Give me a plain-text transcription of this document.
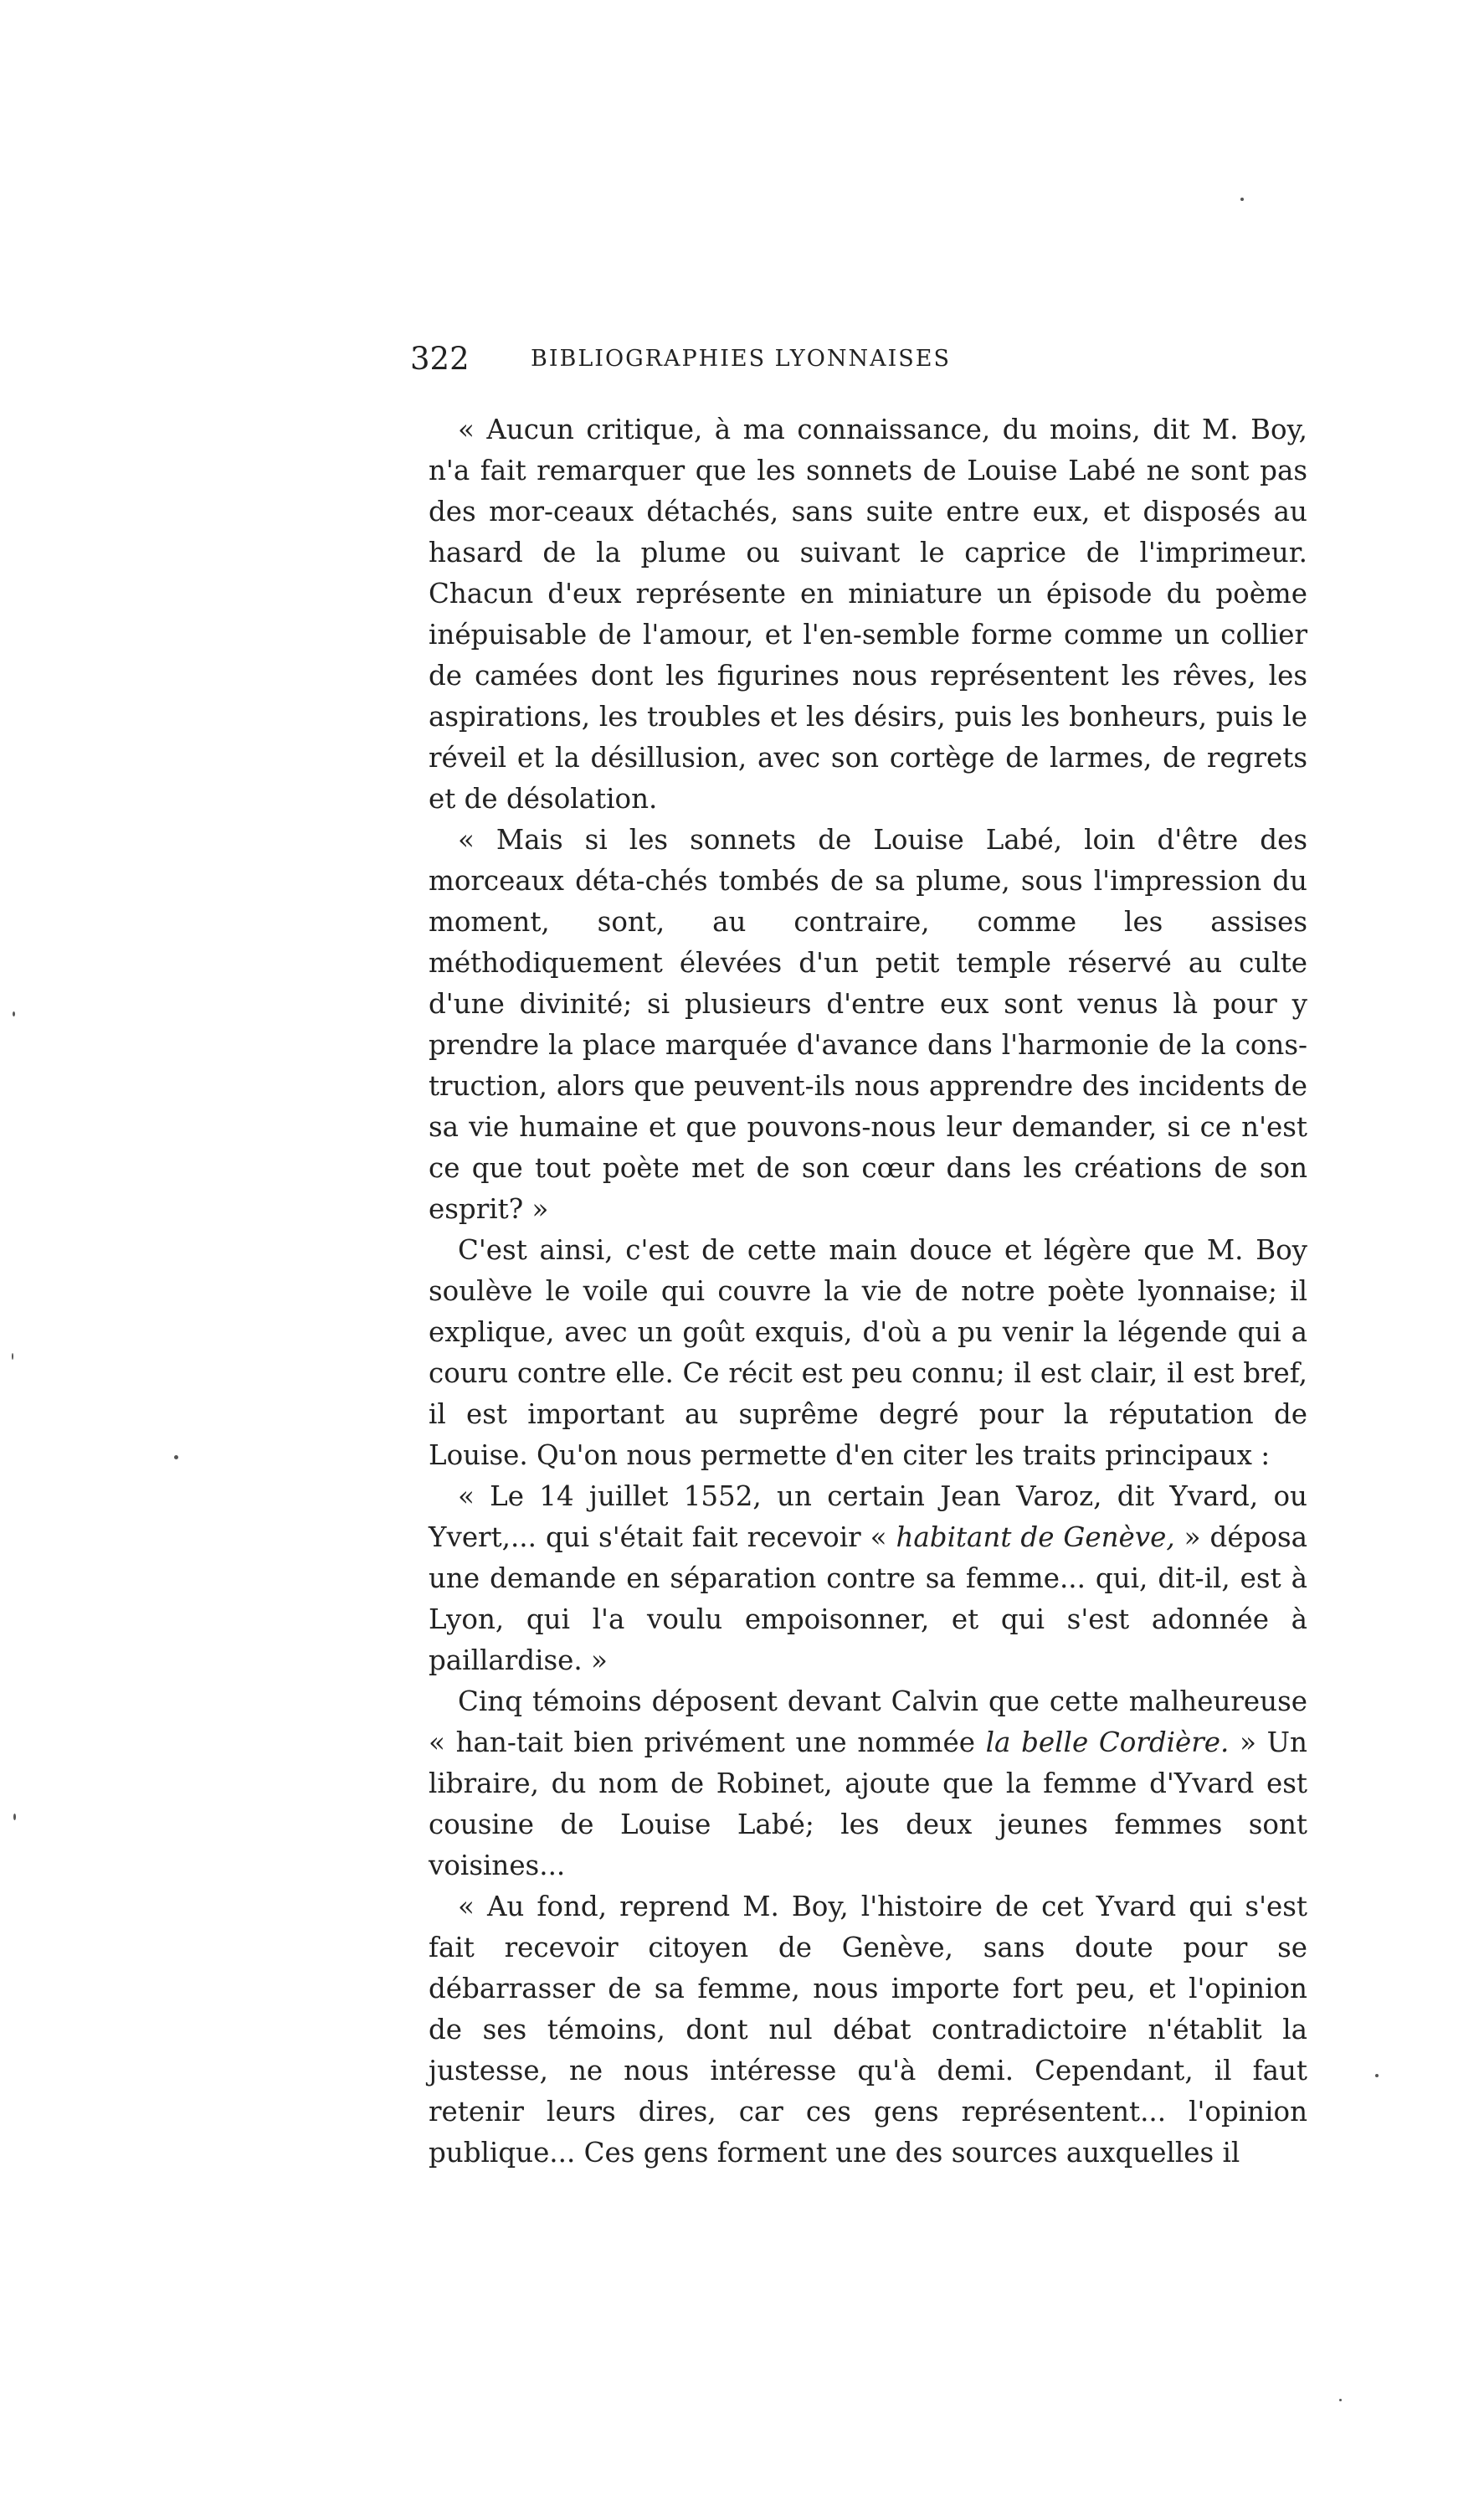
322	BIBLIOGRAPHIES LYONNAISES

« Aucun critique, à ma connaissance, du moins, dit M. Boy, n'a fait remarquer que les sonnets de Louise Labé ne sont pas des mor-ceaux détachés, sans suite entre eux, et disposés au hasard de la plume ou suivant le caprice de l'imprimeur. Chacun d'eux représente en miniature un épisode du poème inépuisable de l'amour, et l'en-semble forme comme un collier de camées dont les figurines nous représentent les rêves, les aspirations, les troubles et les désirs, puis les bonheurs, puis le réveil et la désillusion, avec son cortège de larmes, de regrets et de désolation.

« Mais si les sonnets de Louise Labé, loin d'être des morceaux déta-chés tombés de sa plume, sous l'impression du moment, sont, au contraire, comme les assises méthodiquement élevées d'un petit temple réservé au culte d'une divinité; si plusieurs d'entre eux sont venus là pour y prendre la place marquée d'avance dans l'harmonie de la cons-truction, alors que peuvent-ils nous apprendre des incidents de sa vie humaine et que pouvons-nous leur demander, si ce n'est ce que tout poète met de son cœur dans les créations de son esprit? »

C'est ainsi, c'est de cette main douce et légère que M. Boy soulève le voile qui couvre la vie de notre poète lyonnaise; il explique, avec un goût exquis, d'où a pu venir la légende qui a couru contre elle. Ce récit est peu connu; il est clair, il est bref, il est important au suprême degré pour la réputation de Louise. Qu'on nous permette d'en citer les traits principaux :

« Le 14 juillet 1552, un certain Jean Varoz, dit Yvard, ou Yvert,... qui s'était fait recevoir « habitant de Genève, » déposa une demande en séparation contre sa femme... qui, dit-il, est à Lyon, qui l'a voulu empoisonner, et qui s'est adonnée à paillardise. »

Cinq témoins déposent devant Calvin que cette malheureuse « han-tait bien privément une nommée la belle Cordière. » Un libraire, du nom de Robinet, ajoute que la femme d'Yvard est cousine de Louise Labé; les deux jeunes femmes sont voisines...

« Au fond, reprend M. Boy, l'histoire de cet Yvard qui s'est fait recevoir citoyen de Genève, sans doute pour se débarrasser de sa femme, nous importe fort peu, et l'opinion de ses témoins, dont nul débat contradictoire n'établit la justesse, ne nous intéresse qu'à demi. Cependant, il faut retenir leurs dires, car ces gens représentent... l'opinion publique... Ces gens forment une des sources auxquelles il
